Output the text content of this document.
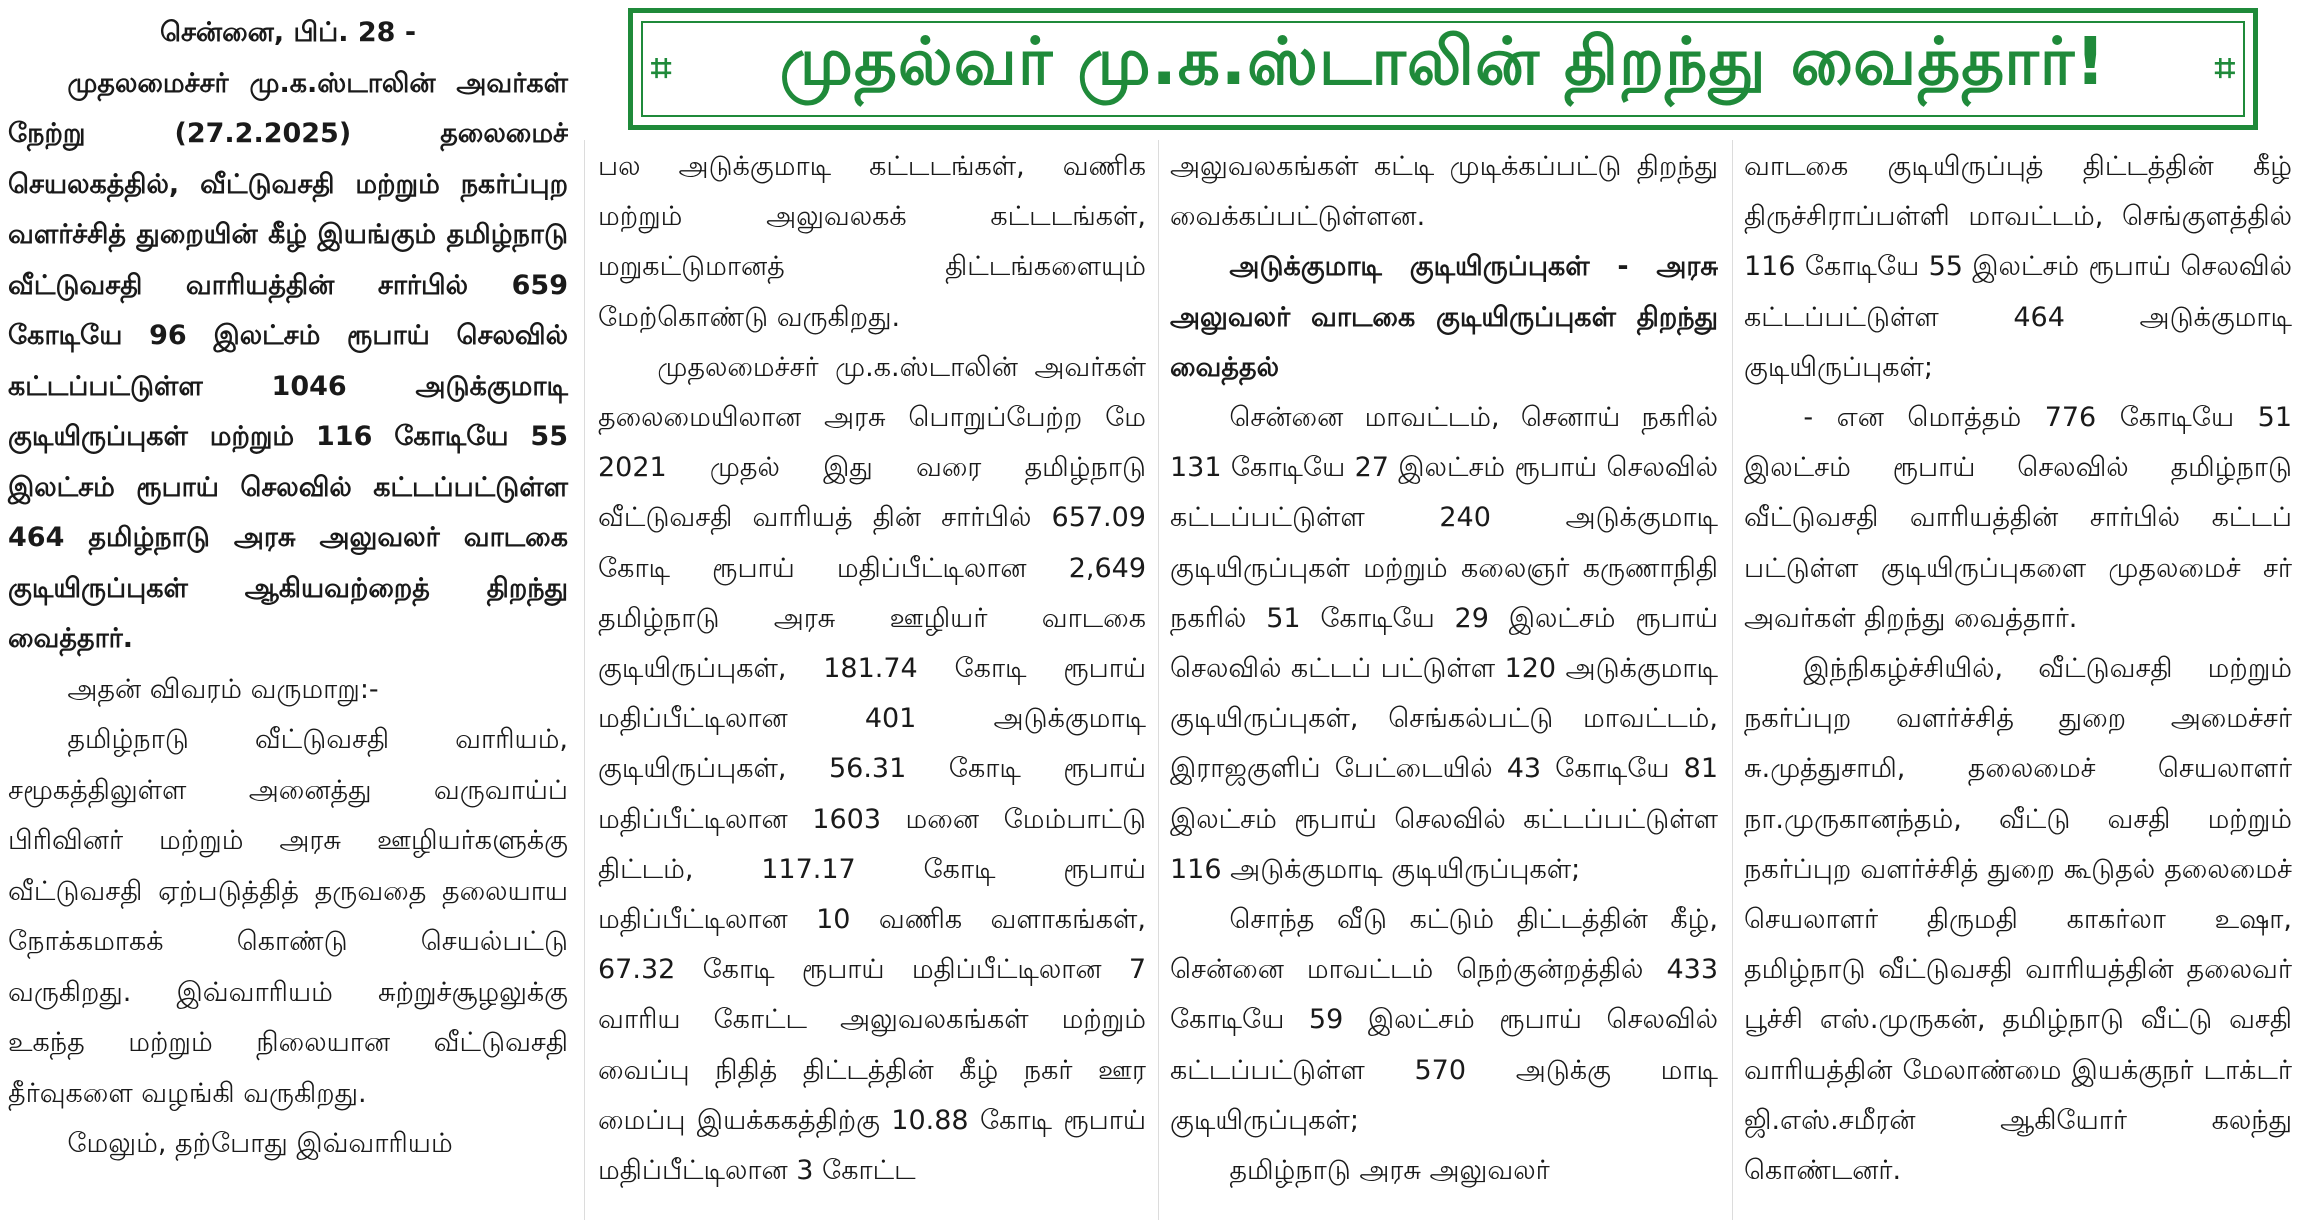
⌗	⌗
முதல்வர் மு.க.ஸ்டாலின் திறந்து வைத்தார்!

சென்னை, பிப். 28 -

முதலமைச்சர் மு.க.ஸ்டாலின் அவர்கள் நேற்று (27.2.2025) தலைமைச் செயலகத்தில், வீட்டுவசதி மற்றும் நகர்ப்புற வளர்ச்சித் துறையின் கீழ் இயங்கும் தமிழ்நாடு வீட்டுவசதி வாரியத்தின் சார்பில் 659 கோடியே 96 இலட்சம் ரூபாய் செலவில் கட்டப்பட்டுள்ள 1046 அடுக்குமாடி குடியிருப்புகள் மற்றும் 116 கோடியே 55 இலட்சம் ரூபாய் செலவில் கட்டப்பட்டுள்ள 464 தமிழ்நாடு அரசு அலுவலர் வாடகை குடியிருப்புகள் ஆகியவற்றைத் திறந்து வைத்தார்.

அதன் விவரம் வருமாறு:-

தமிழ்நாடு வீட்டுவசதி வாரியம், சமூகத்திலுள்ள அனைத்து வருவாய்ப் பிரிவினர் மற்றும் அரசு ஊழியர்களுக்கு வீட்டுவசதி ஏற்படுத்தித் தருவதை தலையாய நோக்கமாகக் கொண்டு செயல்பட்டு வருகிறது. இவ்வாரியம் சுற்றுச்சூழலுக்கு உகந்த மற்றும் நிலையான வீட்டுவசதி தீர்வுகளை வழங்கி வருகிறது.

மேலும், தற்போது இவ்வாரியம்

பல அடுக்குமாடி கட்டடங்கள், வணிக மற்றும் அலுவலகக் கட்டடங்கள், மறுகட்டுமானத் திட்டங்களையும் மேற்கொண்டு வருகிறது.

முதலமைச்சர் மு.க.ஸ்டாலின் அவர்கள் தலைமையிலான அரசு பொறுப்பேற்ற மே 2021 முதல் இது வரை தமிழ்நாடு வீட்டுவசதி வாரியத் தின் சார்பில் 657.09 கோடி ரூபாய் மதிப்பீட்டிலான 2,649 தமிழ்நாடு அரசு ஊழியர் வாடகை குடியிருப்புகள், 181.74 கோடி ரூபாய் மதிப்பீட்டிலான 401 அடுக்குமாடி குடியிருப்புகள், 56.31 கோடி ரூபாய் மதிப்பீட்டிலான 1603 மனை மேம்பாட்டு திட்டம், 117.17 கோடி ரூபாய் மதிப்பீட்டிலான 10 வணிக வளாகங்கள், 67.32 கோடி ரூபாய் மதிப்பீட்டிலான 7 வாரிய கோட்ட அலுவலகங்கள் மற்றும் வைப்பு நிதித் திட்டத்தின் கீழ் நகர் ஊர மைப்பு இயக்ககத்திற்கு 10.88 கோடி ரூபாய் மதிப்பீட்டிலான 3 கோட்ட

அலுவலகங்கள் கட்டி முடிக்கப்பட்டு திறந்து வைக்கப்பட்டுள்ளன.

அடுக்குமாடி குடியிருப்புகள் - அரசு அலுவலர் வாடகை குடியிருப்புகள் திறந்து வைத்தல்

சென்னை மாவட்டம், செனாய் நகரில் 131 கோடியே 27 இலட்சம் ரூபாய் செலவில் கட்டப்பட்டுள்ள 240 அடுக்குமாடி குடியிருப்புகள் மற்றும் கலைஞர் கருணாநிதி நகரில் 51 கோடியே 29 இலட்சம் ரூபாய் செலவில் கட்டப் பட்டுள்ள 120 அடுக்குமாடி குடியிருப்புகள், செங்கல்பட்டு மாவட்டம், இராஜகுளிப் பேட்டையில் 43 கோடியே 81 இலட்சம் ரூபாய் செலவில் கட்டப்பட்டுள்ள 116 அடுக்குமாடி குடியிருப்புகள்;

சொந்த வீடு கட்டும் திட்டத்தின் கீழ், சென்னை மாவட்டம் நெற்குன்றத்தில் 433 கோடியே 59 இலட்சம் ரூபாய் செலவில் கட்டப்பட்டுள்ள 570 அடுக்கு மாடி குடியிருப்புகள்;

தமிழ்நாடு அரசு அலுவலர்

வாடகை குடியிருப்புத் திட்டத்தின் கீழ் திருச்சிராப்பள்ளி மாவட்டம், செங்குளத்தில் 116 கோடியே 55 இலட்சம் ரூபாய் செலவில் கட்டப்பட்டுள்ள 464 அடுக்குமாடி குடியிருப்புகள்;

- என மொத்தம் 776 கோடியே 51 இலட்சம் ரூபாய் செலவில் தமிழ்நாடு வீட்டுவசதி வாரியத்தின் சார்பில் கட்டப் பட்டுள்ள குடியிருப்புகளை முதலமைச் சர் அவர்கள் திறந்து வைத்தார்.

இந்நிகழ்ச்சியில், வீட்டுவசதி மற்றும் நகர்ப்புற வளர்ச்சித் துறை அமைச்சர் சு.முத்துசாமி, தலைமைச் செயலாளர் நா.முருகானந்தம், வீட்டு வசதி மற்றும் நகர்ப்புற வளர்ச்சித் துறை கூடுதல் தலைமைச் செயலாளர் திருமதி காகர்லா உஷா, தமிழ்நாடு வீட்டுவசதி வாரியத்தின் தலைவர் பூச்சி எஸ்.முருகன், தமிழ்நாடு வீட்டு வசதி வாரியத்தின் மேலாண்மை இயக்குநர் டாக்டர் ஜி.எஸ்.சமீரன் ஆகியோர் கலந்து கொண்டனர்.
